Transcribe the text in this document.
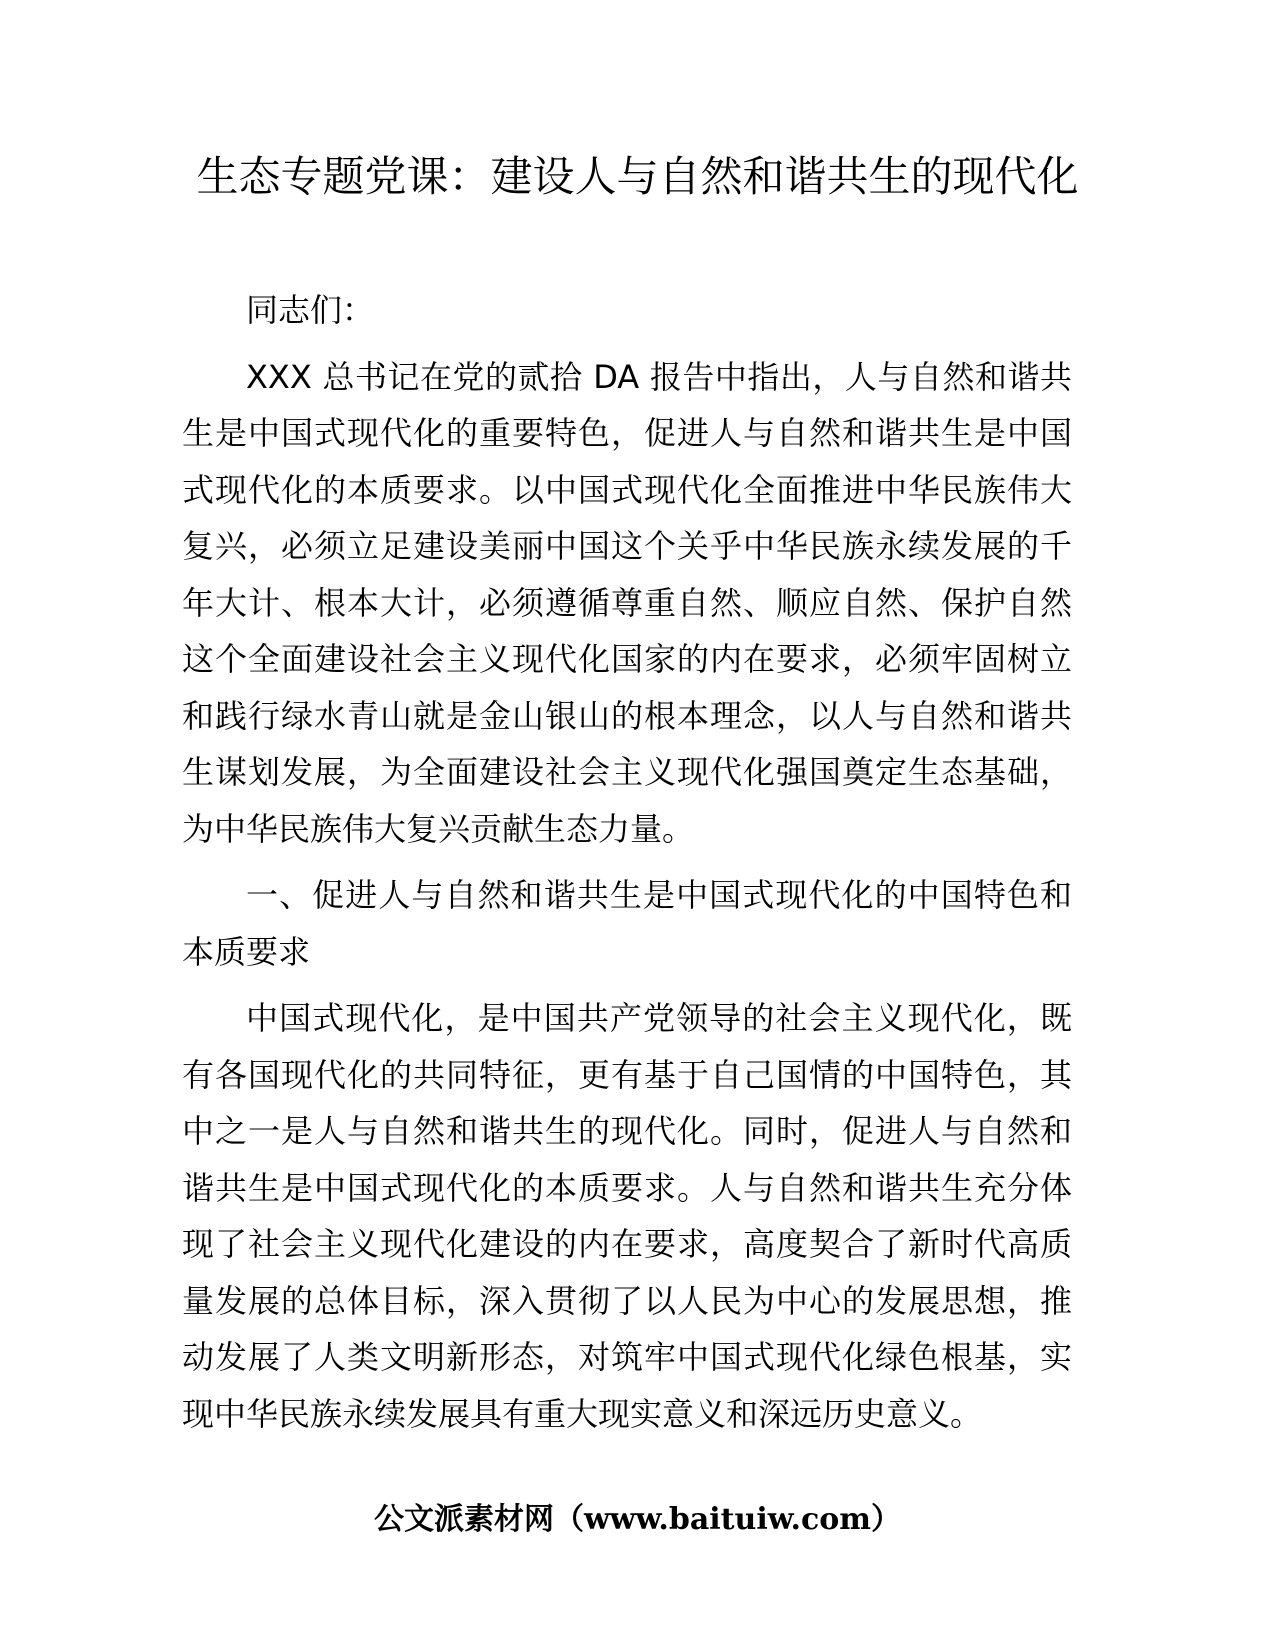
生态专题党课：建设人与自然和谐共生的现代化

同志们：

XXX 总书记在党的贰拾 DA 报告中指出，人与自然和谐共生是中国式现代化的重要特色，促进人与自然和谐共生是中国式现代化的本质要求。以中国式现代化全面推进中华民族伟大复兴，必须立足建设美丽中国这个关乎中华民族永续发展的千年大计、根本大计，必须遵循尊重自然、顺应自然、保护自然这个全面建设社会主义现代化国家的内在要求，必须牢固树立和践行绿水青山就是金山银山的根本理念，以人与自然和谐共生谋划发展，为全面建设社会主义现代化强国奠定生态基础，为中华民族伟大复兴贡献生态力量。

一、促进人与自然和谐共生是中国式现代化的中国特色和本质要求

中国式现代化，是中国共产党领导的社会主义现代化，既有各国现代化的共同特征，更有基于自己国情的中国特色，其中之一是人与自然和谐共生的现代化。同时，促进人与自然和谐共生是中国式现代化的本质要求。人与自然和谐共生充分体现了社会主义现代化建设的内在要求，高度契合了新时代高质量发展的总体目标，深入贯彻了以人民为中心的发展思想，推动发展了人类文明新形态，对筑牢中国式现代化绿色根基，实现中华民族永续发展具有重大现实意义和深远历史意义。

公文派素材网（www.baituiw.com）
